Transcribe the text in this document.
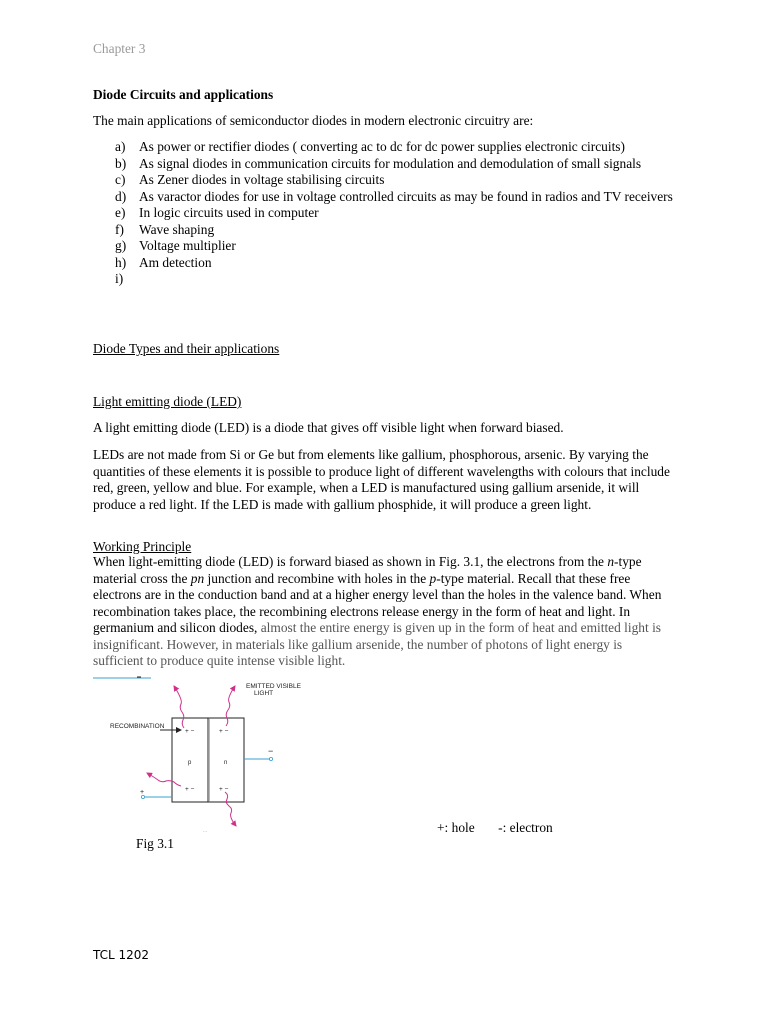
Chapter 3
Diode Circuits and applications
The main applications of semiconductor diodes in modern electronic circuitry are:
a)	As power or rectifier diodes ( converting ac to dc for dc power supplies electronic circuits)
b) As signal diodes in communication circuits for modulation and demodulation of small signals
c)	As Zener diodes in voltage stabilising circuits
d) As varactor diodes for use in voltage controlled circuits as may be found in radios and TV receivers
e)	In logic circuits used in computer
f)	Wave shaping
g) Voltage multiplier
h) Am detection
i)
Diode Types and their applications
Light emitting diode (LED)
A light emitting diode (LED) is a diode that gives off visible light when forward biased.
LEDs are not made from Si or Ge but from elements like gallium, phosphorous, arsenic. By varying the quantities of these elements it is possible to produce light of different wavelengths with colours that include red, green, yellow and blue. For example, when a LED is manufactured using gallium arsenide, it will produce a red light. If the LED is made with gallium phosphide, it will produce a green light.
Working Principle
When light-emitting diode (LED) is forward biased as shown in Fig. 3.1, the electrons from the n-type material cross the pn junction and recombine with holes in the p-type material. Recall that these free electrons are in the conduction band and at a higher energy level than the holes in the valence band. When recombination takes place, the recombining electrons release energy in the form of heat and light. In germanium and silicon diodes, almost the entire energy is given up in the form of heat and emitted light is insignificant. However, in materials like gallium arsenide, the number of photons of light energy is sufficient to produce quite intense visible light.
EMITTED VISIBLE
LIGHT
RECOMBINATION
p	n
+ −	+ −
+ −	+ −
−
+
...	+: hole       -: electron
Fig 3.1
TCL 1202
